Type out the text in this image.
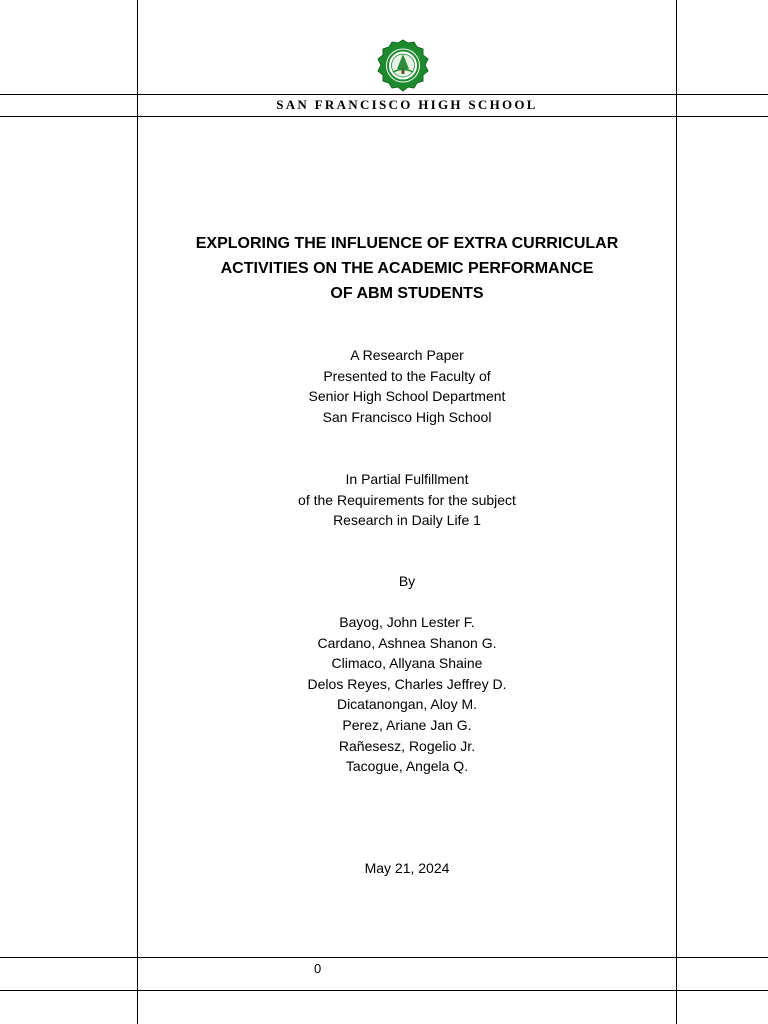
SAN FRANCISCO HIGH SCHOOL
EXPLORING THE INFLUENCE OF EXTRA CURRICULAR
ACTIVITIES ON THE ACADEMIC PERFORMANCE
OF ABM STUDENTS
A Research Paper
Presented to the Faculty of
Senior High School Department
San Francisco High School
In Partial Fulfillment
of the Requirements for the subject
Research in Daily Life 1
By
Bayog, John Lester F.
Cardano, Ashnea Shanon G.
Climaco, Allyana Shaine
Delos Reyes, Charles Jeffrey D.
Dicatanongan, Aloy M.
Perez, Ariane Jan G.
Rañesesz, Rogelio Jr.
Tacogue, Angela Q.
May 21, 2024
0
